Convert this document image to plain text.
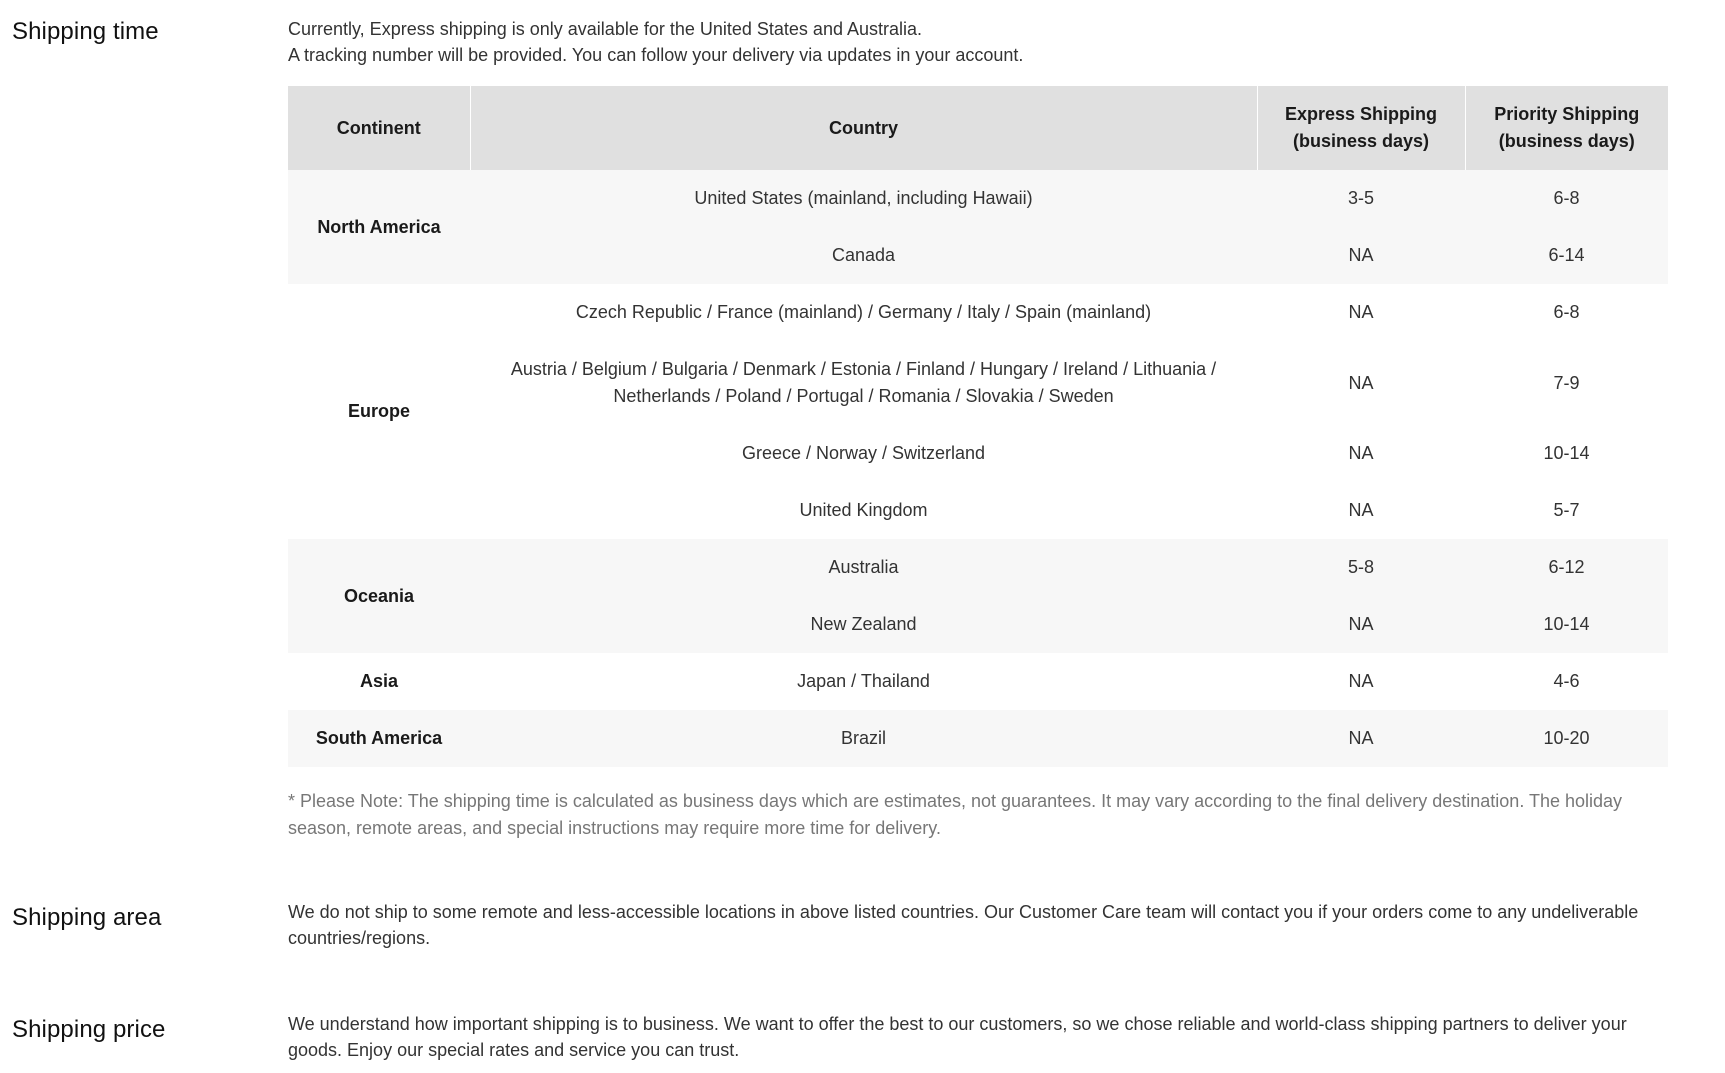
Shipping time	Currently, Express shipping is only available for the United States and Australia.

A tracking number will be provided. You can follow your delivery via updates in your account.

Continent	Country	Express Shipping (business days)	Priority Shipping (business days)
North America	United States (mainland, including Hawaii)	3-5	6-8
	Canada	NA	6-14
Europe	Czech Republic / France (mainland) / Germany / Italy / Spain (mainland)	NA	6-8
	Austria / Belgium / Bulgaria / Denmark / Estonia / Finland / Hungary / Ireland / Lithuania / Netherlands / Poland / Portugal / Romania / Slovakia / Sweden	NA	7-9
	Greece / Norway / Switzerland	NA	10-14
	United Kingdom	NA	5-7
Oceania	Australia	5-8	6-12
	New Zealand	NA	10-14
Asia	Japan / Thailand	NA	4-6
South America	Brazil	NA	10-20

* Please Note: The shipping time is calculated as business days which are estimates, not guarantees. It may vary according to the final delivery destination. The holiday season, remote areas, and special instructions may require more time for delivery.

Shipping area	We do not ship to some remote and less-accessible locations in above listed countries. Our Customer Care team will contact you if your orders come to any undeliverable countries/regions.

Shipping price	We understand how important shipping is to business. We want to offer the best to our customers, so we chose reliable and world-class shipping partners to deliver your goods. Enjoy our special rates and service you can trust.
